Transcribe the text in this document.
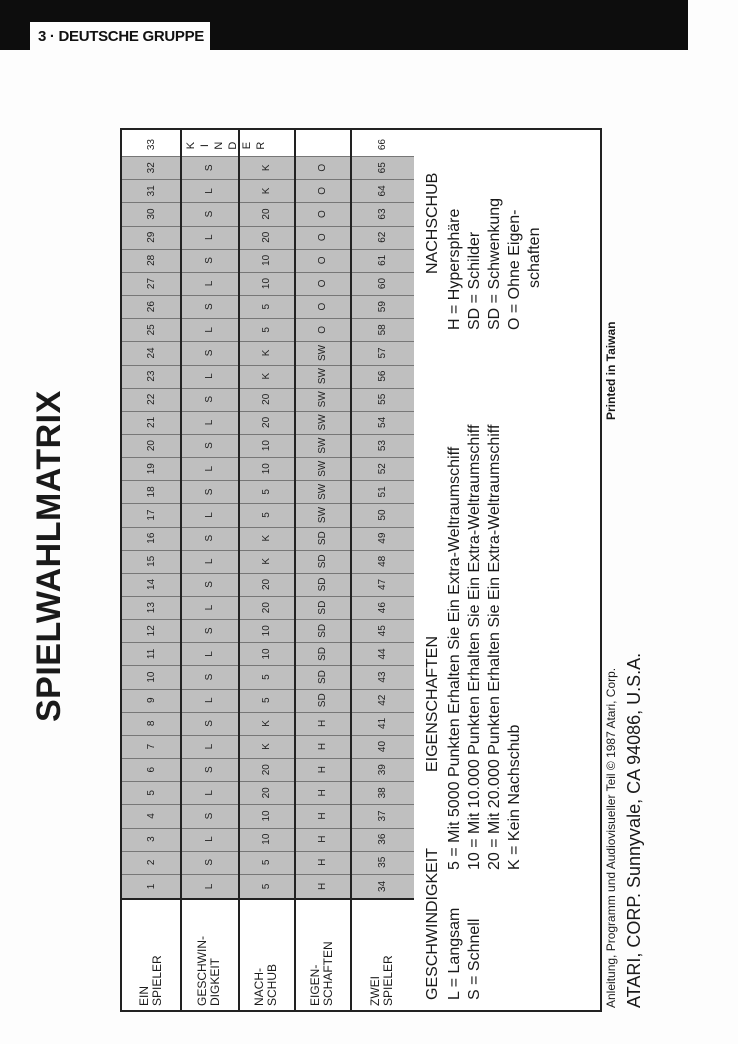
3 · DEUTSCHE GRUPPE
SPIELWAHLMATRIX
EIN SPIELER
1
2
3
4
5
6
7
8
9
10
11
12
13
14
15
16
17
18
19
20
21
22
23
24
25
26
27
28
29
30
31
32
33
GESCHWIN- DIGKEIT
L
S
L
S
L
S
L
S
L
S
L
S
L
S
L
S
L
S
L
S
L
S
L
S
L
S
L
S
L
S
L
S
NACH- SCHUB
5
5
10
10
20
20
K
K
5
5
10
10
20
20
K
K
5
5
10
10
20
20
K
K
5
5
10
10
20
20
K
K
EIGEN- SCHAFTEN
H
H
H
H
H
H
H
H
SD
SD
SD
SD
SD
SD
SD
SD
SW
SW
SW
SW
SW
SW
SW
SW
O
O
O
O
O
O
O
O
ZWEI SPIELER
34
35
36
37
38
39
40
41
42
43
44
45
46
47
48
49
50
51
52
53
54
55
56
57
58
59
60
61
62
63
64
65
66
K I N D E R
GESCHWINDIGKEIT L = Langsam S = Schnell
EIGENSCHAFTEN 5 = Mit 5000 Punkten Erhalten Sie Ein Extra-Weltraumschiff 10 = Mit 10.000 Punkten Erhalten Sie Ein Extra-Weltraumschiff 20 = Mit 20.000 Punkten Erhalten Sie Ein Extra-Weltraumschiff K = Kein Nachschub
NACHSCHUB H = Hypersphäre SD = Schilder SD = Schwenkung O = Ohne Eigen- schaften
Anleitung, Programm und Audiovisueller Teil © 1987 Atari, Corp.
Printed in Taiwan
ATARI, CORP. Sunnyvale, CA 94086, U.S.A.
